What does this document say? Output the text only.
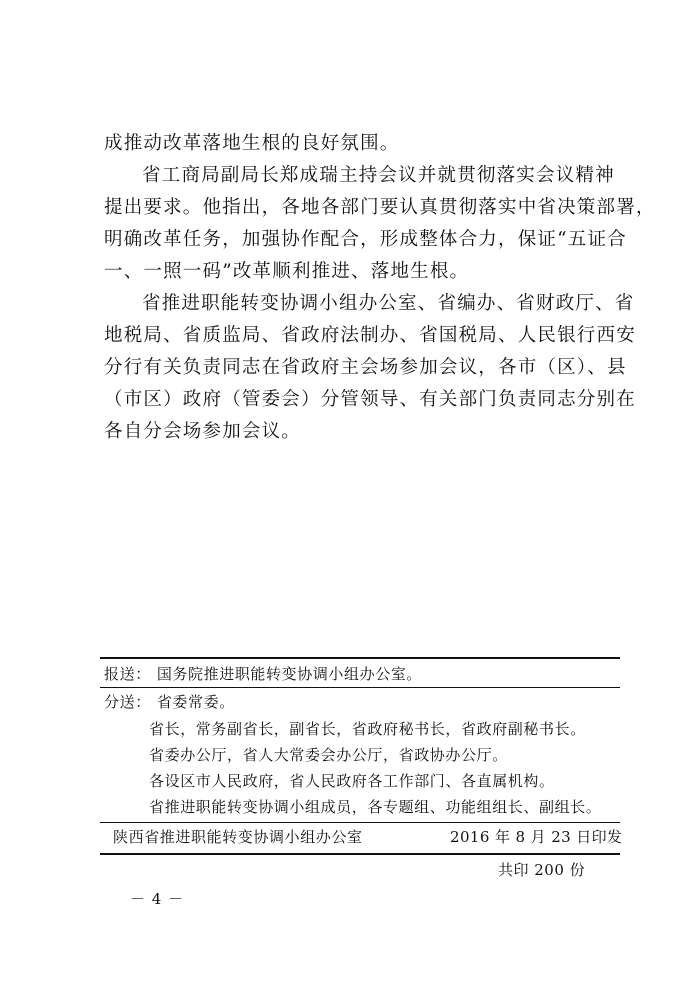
成推动改革落地生根的良好氛围。
省工商局副局长郑成瑞主持会议并就贯彻落实会议精神
提出要求。他指出，各地各部门要认真贯彻落实中省决策部署，
明确改革任务，加强协作配合，形成整体合力，保证“五证合
一、一照一码”改革顺利推进、落地生根。
省推进职能转变协调小组办公室、省编办、省财政厅、省
地税局、省质监局、省政府法制办、省国税局、人民银行西安
分行有关负责同志在省政府主会场参加会议，各市（区）、县
（市区）政府（管委会）分管领导、有关部门负责同志分别在
各自分会场参加会议。
报送： 国务院推进职能转变协调小组办公室。
分送： 省委常委。
省长，常务副省长，副省长，省政府秘书长，省政府副秘书长。
省委办公厅，省人大常委会办公厅，省政协办公厅。
各设区市人民政府，省人民政府各工作部门、各直属机构。
省推进职能转变协调小组成员，各专题组、功能组组长、副组长。
陕西省推进职能转变协调小组办公室	2016 年 8 月 23 日印发
共印 200 份
－ 4 －
